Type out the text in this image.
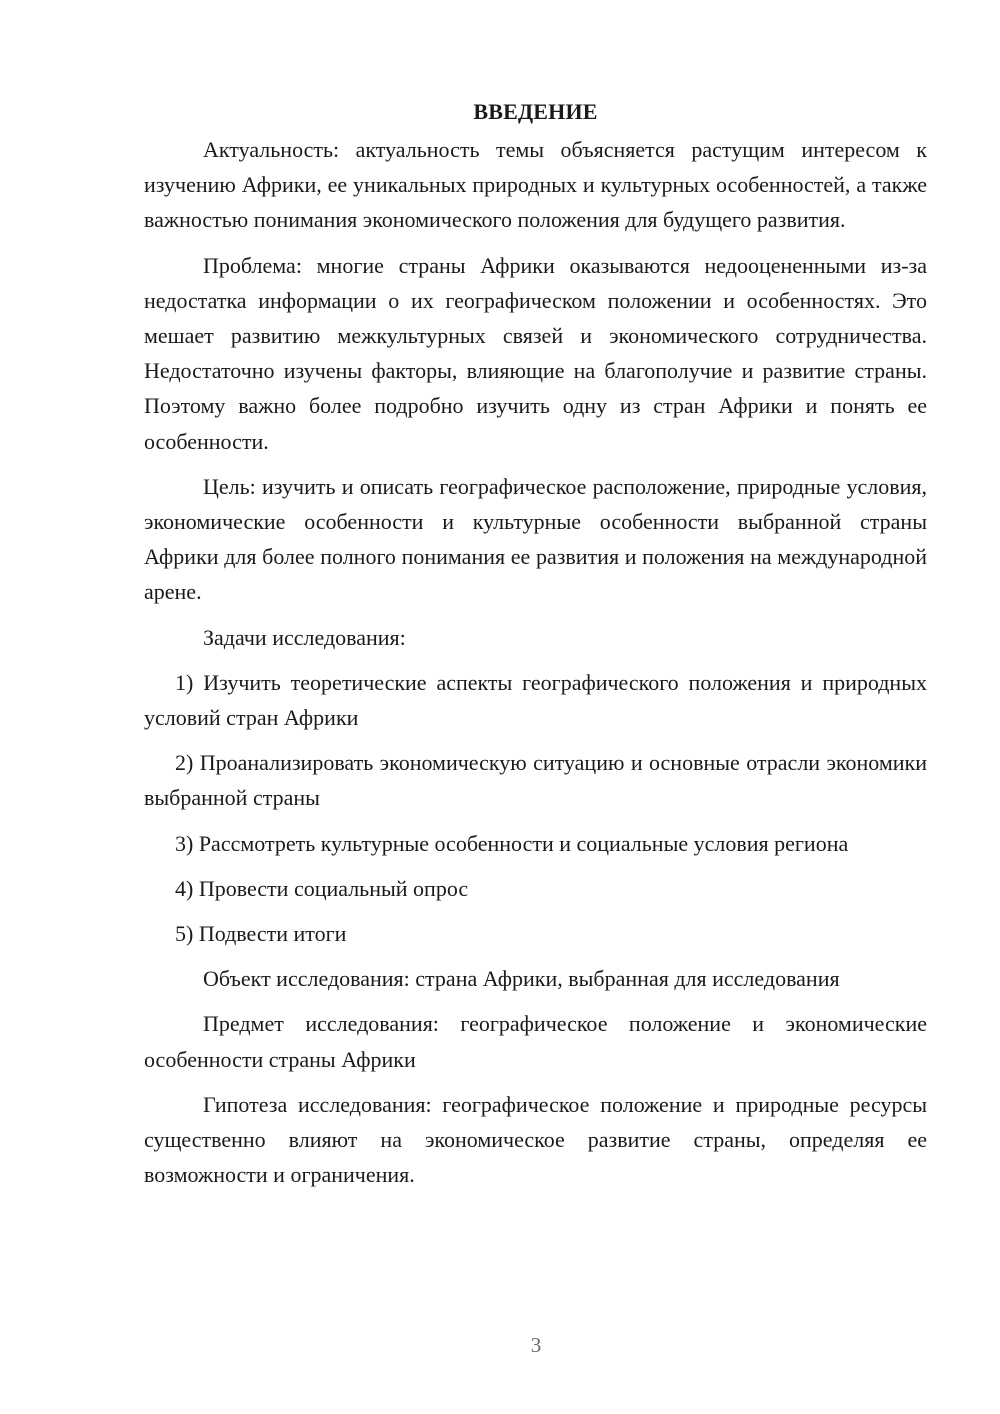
ВВЕДЕНИЕ

Актуальность: актуальность темы объясняется растущим интересом к изучению Африки, ее уникальных природных и культурных особенностей, а также важностью понимания экономического положения для будущего развития.

Проблема: многие страны Африки оказываются недооцененными из-за недостатка информации о их географическом положении и особенностях. Это мешает развитию межкультурных связей и экономического сотрудничества. Недостаточно изучены факторы, влияющие на благополучие и развитие страны. Поэтому важно более подробно изучить одну из стран Африки и понять ее особенности.

Цель: изучить и описать географическое расположение, природные условия, экономические особенности и культурные особенности выбранной страны Африки для более полного понимания ее развития и положения на международной арене.

Задачи исследования:

1) Изучить теоретические аспекты географического положения и природных условий стран Африки

2) Проанализировать экономическую ситуацию и основные отрасли экономики выбранной страны

3) Рассмотреть культурные особенности и социальные условия региона

4) Провести социальный опрос

5) Подвести итоги

Объект исследования: страна Африки, выбранная для исследования

Предмет исследования: географическое положение и экономические особенности страны Африки

Гипотеза исследования: географическое положение и природные ресурсы существенно влияют на экономическое развитие страны, определяя ее возможности и ограничения.

3
